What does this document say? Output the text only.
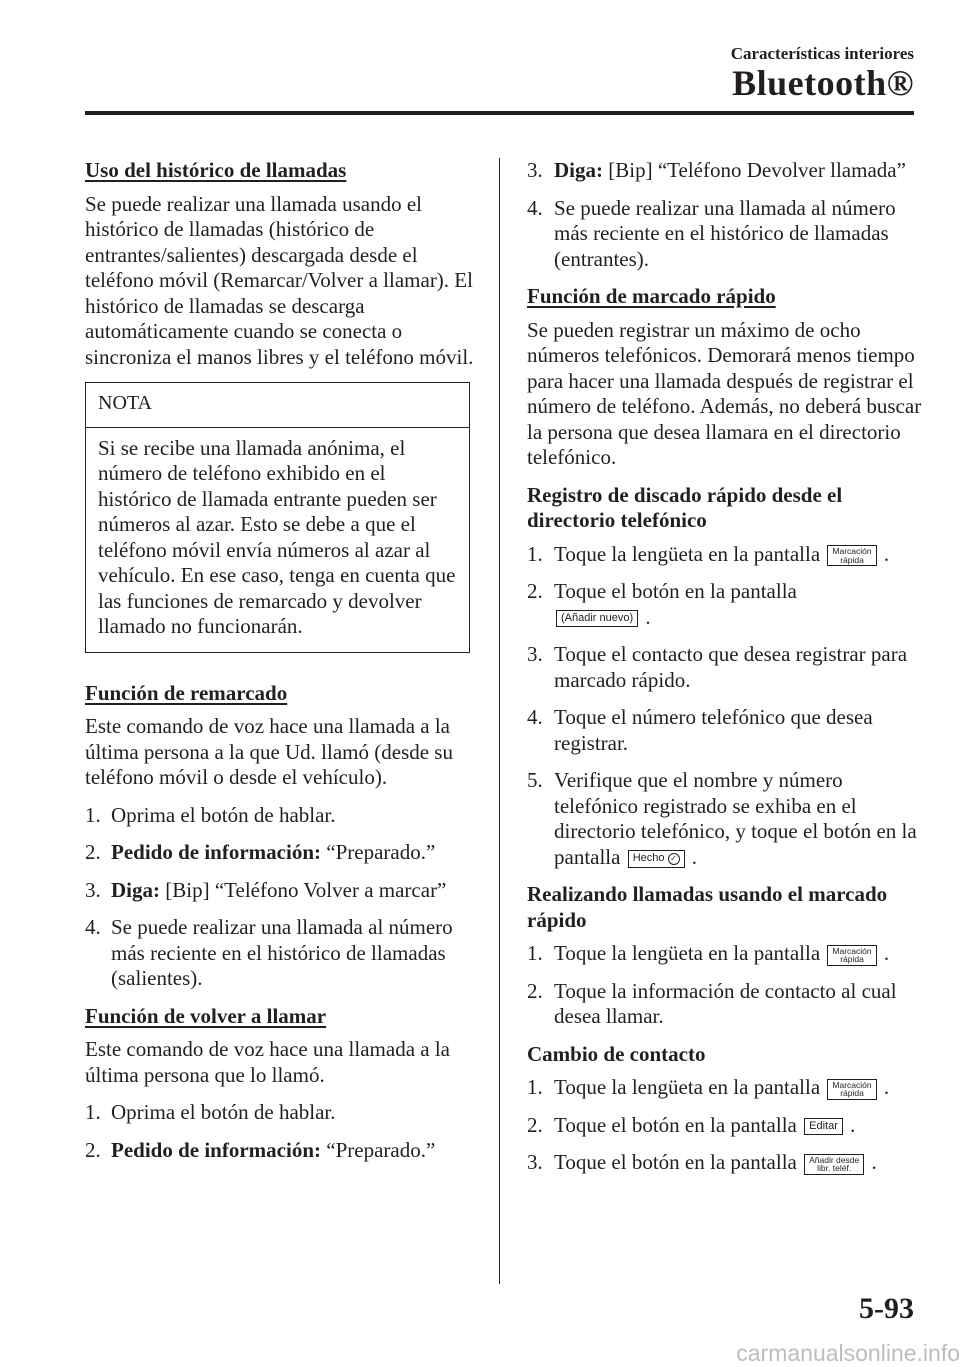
Características interiores
Bluetooth®
Uso del histórico de llamadas

Se puede realizar una llamada usando el histórico de llamadas (histórico de entrantes/salientes) descargada desde el teléfono móvil (Remarcar/Volver a llamar). El histórico de llamadas se descarga automáticamente cuando se conecta o sincroniza el manos libres y el teléfono móvil.

NOTA
Si se recibe una llamada anónima, el número de teléfono exhibido en el histórico de llamada entrante pueden ser números al azar. Esto se debe a que el teléfono móvil envía números al azar al vehículo. En ese caso, tenga en cuenta que las funciones de remarcado y devolver llamado no funcionarán.
Función de remarcado

Este comando de voz hace una llamada a la última persona a la que Ud. llamó (desde su teléfono móvil o desde el vehículo).

1. Oprima el botón de hablar.
2. Pedido de información: “Preparado.”
3. Diga: [Bip] “Teléfono Volver a marcar”
4. Se puede realizar una llamada al número más reciente en el histórico de llamadas (salientes).
Función de volver a llamar

Este comando de voz hace una llamada a la última persona que lo llamó.

1. Oprima el botón de hablar.
2. Pedido de información: “Preparado.”
3. Diga: [Bip] “Teléfono Devolver llamada”
4. Se puede realizar una llamada al número más reciente en el histórico de llamadas (entrantes).
Función de marcado rápido

Se pueden registrar un máximo de ocho números telefónicos. Demorará menos tiempo para hacer una llamada después de registrar el número de teléfono. Además, no deberá buscar la persona que desea llamara en el directorio telefónico.

Registro de discado rápido desde el directorio telefónico
1. Toque la lengüeta en la pantalla Marcación
rápida .
2. Toque el botón en la pantalla
(Añadir nuevo) .
3. Toque el contacto que desea registrar para marcado rápido.
4. Toque el número telefónico que desea registrar.
5. Verifique que el nombre y número telefónico registrado se exhiba en el directorio telefónico, y toque el botón en la pantalla Hecho ✓ .
Realizando llamadas usando el marcado rápido
1. Toque la lengüeta en la pantalla Marcación
rápida .
2. Toque la información de contacto al cual desea llamar.
Cambio de contacto
1. Toque la lengüeta en la pantalla Marcación
rápida .
2. Toque el botón en la pantalla Editar .
3. Toque el botón en la pantalla Añadir desde
libr. teléf. .
5-93
carmanualsonline.info
